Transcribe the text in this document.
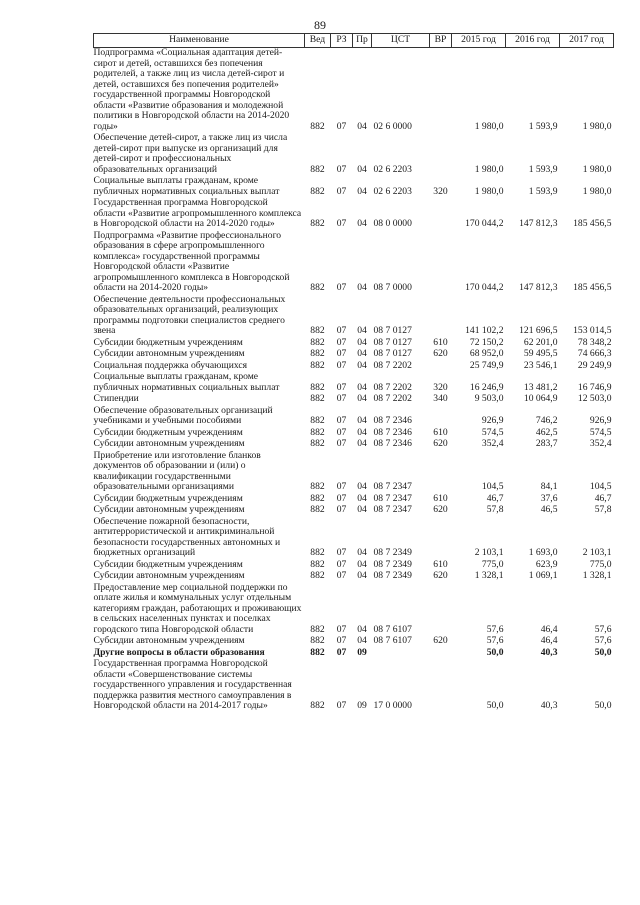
89
Наименование	Вед	РЗ	Пр	ЦСТ	ВР	2015 год	2016 год	2017 год
Подпрограмма «Социальная адаптация детей-сирот и детей, оставшихся без попечения родителей, а также лиц из числа детей-сирот и детей, оставшихся без попечения родителей» государственной программы Новгородской области «Развитие образования и молодежной политики в Новгородской области на 2014-2020 годы»	882	07	04	02 6 0000		1 980,0	1 593,9	1 980,0
Обеспечение детей-сирот, а также лиц из числа детей-сирот при выпуске из организаций для детей-сирот и профессиональных образовательных организаций	882	07	04	02 6 2203		1 980,0	1 593,9	1 980,0
Социальные выплаты гражданам, кроме публичных нормативных социальных выплат	882	07	04	02 6 2203	320	1 980,0	1 593,9	1 980,0
Государственная программа Новгородской области «Развитие агропромышленного комплекса в Новгородской области на 2014-2020 годы»	882	07	04	08 0 0000		170 044,2	147 812,3	185 456,5
Подпрограмма «Развитие профессионального образования в сфере агропромышленного комплекса» государственной программы Новгородской области «Развитие агропромышленного комплекса в Новгородской области на 2014-2020 годы»	882	07	04	08 7 0000		170 044,2	147 812,3	185 456,5
Обеспечение деятельности профессиональных образовательных организаций, реализующих программы подготовки специалистов среднего звена	882	07	04	08 7 0127		141 102,2	121 696,5	153 014,5
Субсидии бюджетным учреждениям	882	07	04	08 7 0127	610	72 150,2	62 201,0	78 348,2
Субсидии автономным учреждениям	882	07	04	08 7 0127	620	68 952,0	59 495,5	74 666,3
Социальная поддержка обучающихся	882	07	04	08 7 2202		25 749,9	23 546,1	29 249,9
Социальные выплаты гражданам, кроме публичных нормативных социальных выплат	882	07	04	08 7 2202	320	16 246,9	13 481,2	16 746,9
Стипендии	882	07	04	08 7 2202	340	9 503,0	10 064,9	12 503,0
Обеспечение образовательных организаций учебниками и учебными пособиями	882	07	04	08 7 2346		926,9	746,2	926,9
Субсидии бюджетным учреждениям	882	07	04	08 7 2346	610	574,5	462,5	574,5
Субсидии автономным учреждениям	882	07	04	08 7 2346	620	352,4	283,7	352,4
Приобретение или изготовление бланков документов об образовании и (или) о квалификации государственными образовательными организациями	882	07	04	08 7 2347		104,5	84,1	104,5
Субсидии бюджетным учреждениям	882	07	04	08 7 2347	610	46,7	37,6	46,7
Субсидии автономным учреждениям	882	07	04	08 7 2347	620	57,8	46,5	57,8
Обеспечение пожарной безопасности, антитеррористической и антикриминальной безопасности государственных автономных и бюджетных организаций	882	07	04	08 7 2349		2 103,1	1 693,0	2 103,1
Субсидии бюджетным учреждениям	882	07	04	08 7 2349	610	775,0	623,9	775,0
Субсидии автономным учреждениям	882	07	04	08 7 2349	620	1 328,1	1 069,1	1 328,1
Предоставление мер социальной поддержки по оплате жилья и коммунальных услуг отдельным категориям граждан, работающих и проживающих в сельских населенных пунктах и поселках городского типа Новгородской области	882	07	04	08 7 6107		57,6	46,4	57,6
Субсидии автономным учреждениям	882	07	04	08 7 6107	620	57,6	46,4	57,6
Другие вопросы в области образования	882	07	09			50,0	40,3	50,0
Государственная программа Новгородской области «Совершенствование системы государственного управления и государственная поддержка развития местного самоуправления в Новгородской области на 2014-2017 годы»	882	07	09	17 0 0000		50,0	40,3	50,0
